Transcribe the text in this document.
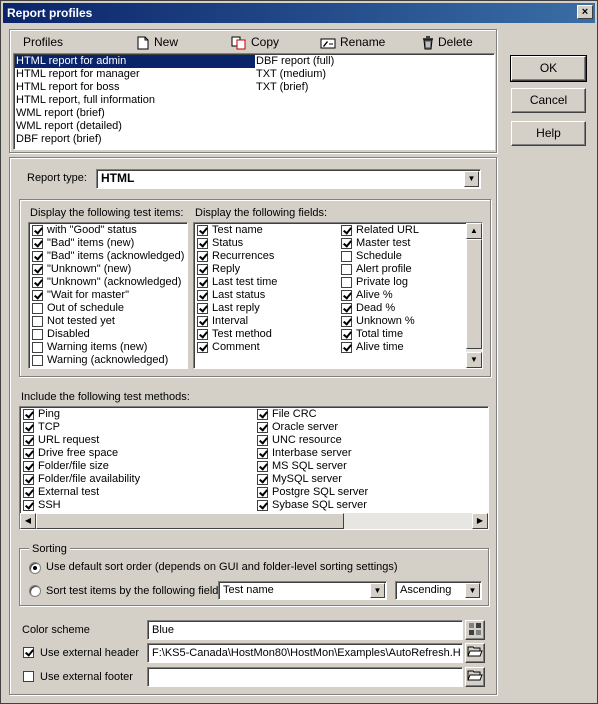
Report profiles	×
Profiles	New	Copy	Rename	Delete
HTML report for admin
HTML report for manager
HTML report for boss
HTML report, full information
WML report (brief)
WML report (detailed)
DBF report (brief)
DBF report (full)
TXT (medium)
TXT (brief)
OK
Cancel
Help
Report type:	HTML	▼
Display the following test items: Display the following fields:
with "Good" status
"Bad" items (new)
"Bad" items (acknowledged)
"Unknown" (new)
"Unknown" (acknowledged)
"Wait for master"
Out of schedule
Not tested yet
Disabled
Warning items (new)
Warning (acknowledged)
Test name
Status
Recurrences
Reply
Last test time
Last status
Last reply
Interval
Test method
Comment
Related URL
Master test
Schedule
Alert profile
Private log
Alive %
Dead %
Unknown %
Total time
Alive time
▲
▼
Include the following test methods:
Ping
TCP
URL request
Drive free space
Folder/file size
Folder/file availability
External test
SSH
File CRC
Oracle server
UNC resource
Interbase server
MS SQL server
MySQL server
Postgre SQL server
Sybase SQL server
◀	▶
Sorting
Use default sort order (depends on GUI and folder-level sorting settings)
Sort test items by the following field Test name	▼	Ascending	▼
Color scheme	Blue
Use external header	F:\KS5-Canada\HostMon80\HostMon\Examples\AutoRefresh.H
Use external footer
